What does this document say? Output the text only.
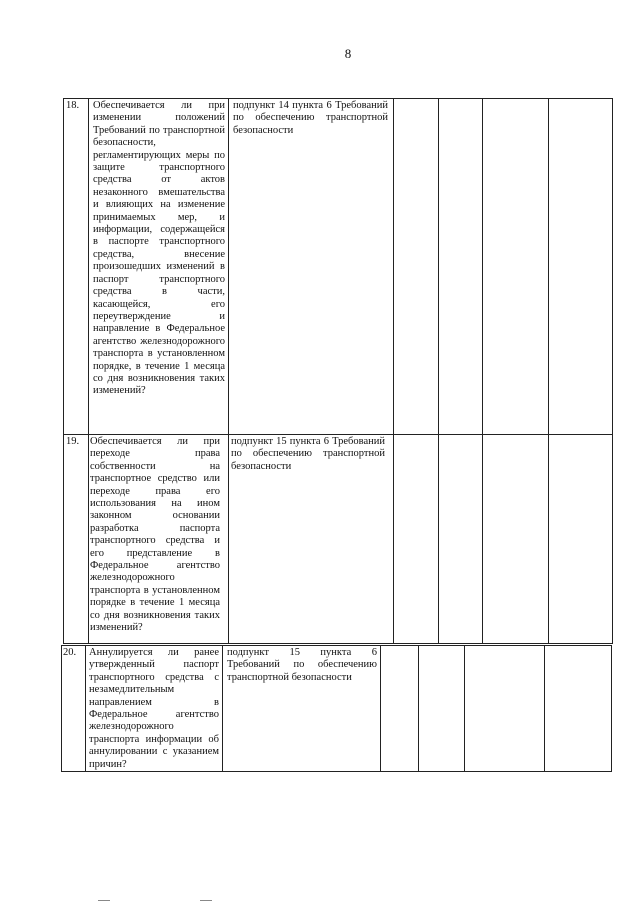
8
18. Обеспечивается ли при изменении положений Требований по транспортной безопасности, регламентирующих меры по защите транспортного средства от актов незаконного вмешательства и влияющих на изменение принимаемых мер, и информации, содержащейся в паспорте транспортного средства, внесение произошедших изменений в паспорт транспортного средства в части, касающейся, его переутверждение и направление в Федеральное агентство железнодорожного транспорта в установленном порядке, в течение 1 месяца со дня возникновения таких изменений?
подпункт 14 пункта 6 Требований по обеспечению транспортной безопасности
19. Обеспечивается ли при переходе права собственности на транспортное средство или переходе права его использования на ином законном основании разработка паспорта транспортного средства и его представление в Федеральное агентство железнодорожного транспорта в установленном порядке в течение 1 месяца со дня возникновения таких изменений?
подпункт 15 пункта 6 Требований по обеспечению транспортной безопасности
20. Аннулируется ли ранее утвержденный паспорт транспортного средства с незамедлительным направлением в Федеральное агентство железнодорожного транспорта информации об аннулировании с указанием причин?
подпункт 15 пункта 6 Требований по обеспечению транспортной безопасности
